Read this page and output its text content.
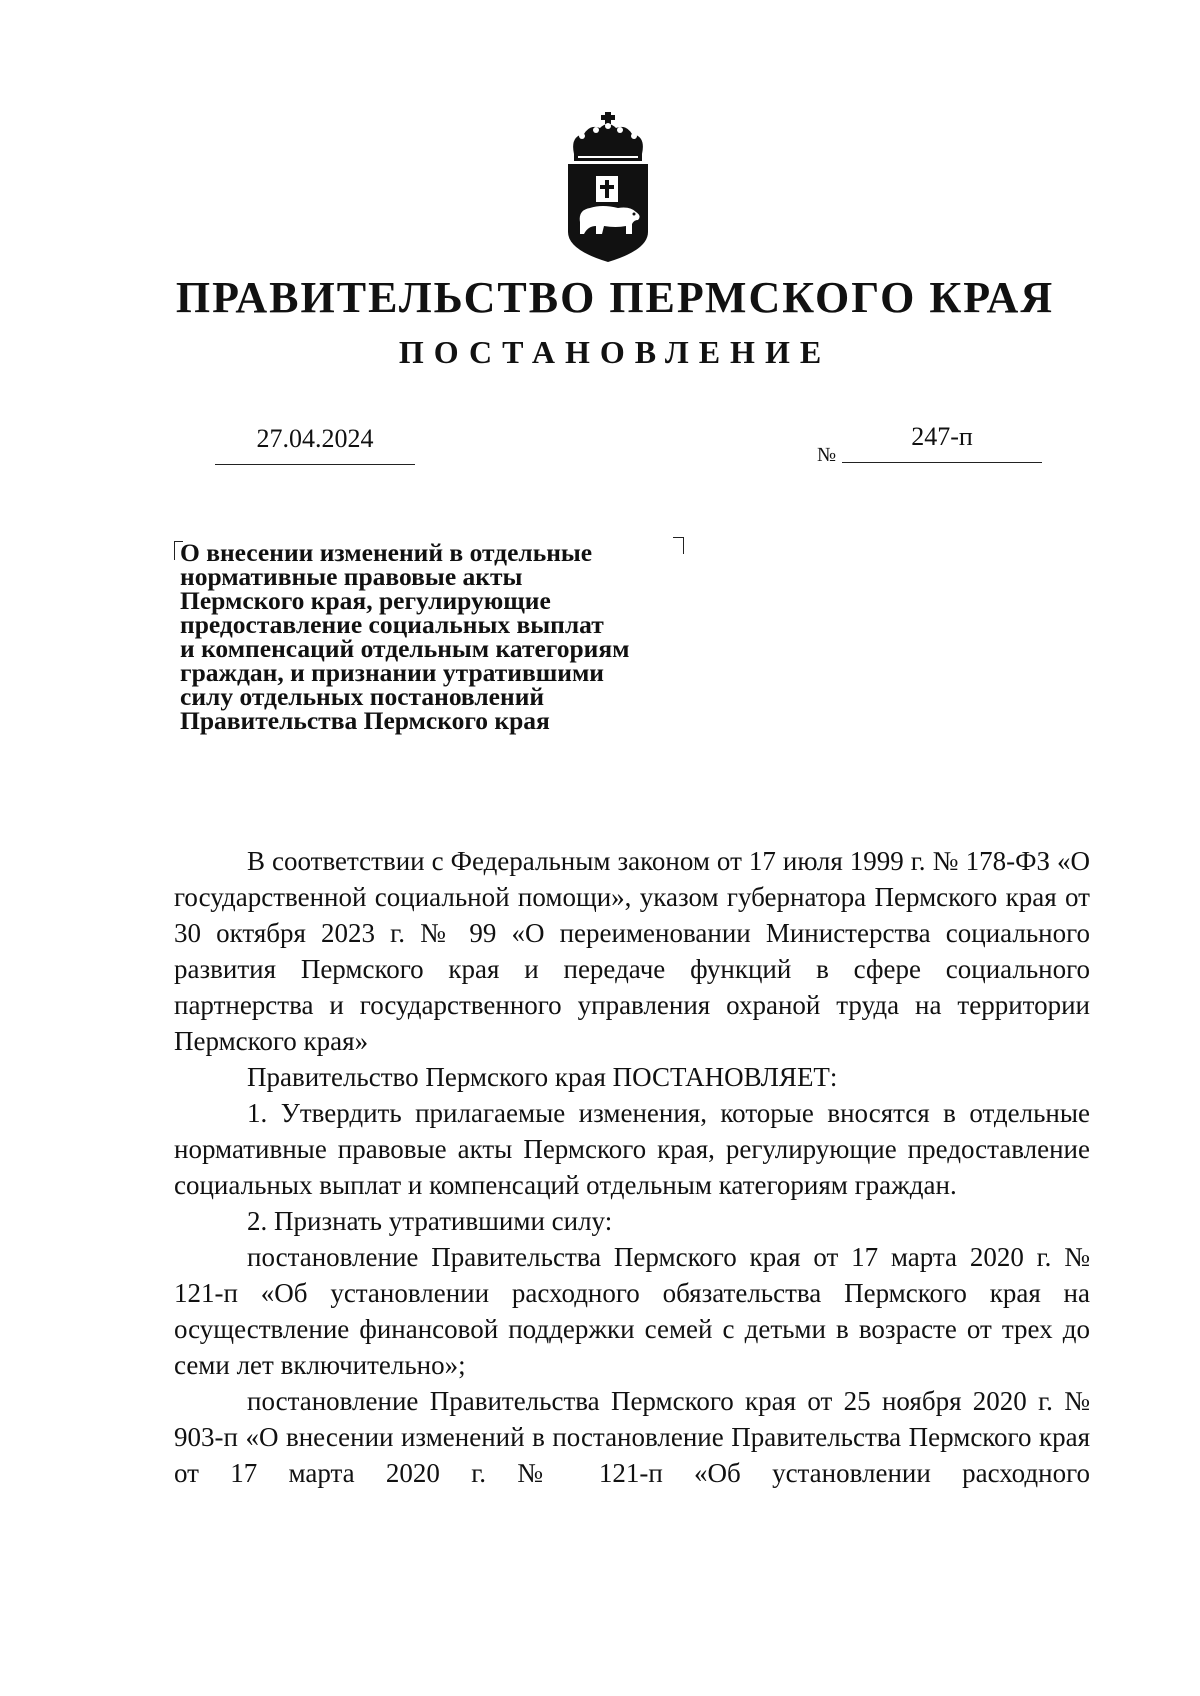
ПРАВИТЕЛЬСТВО ПЕРМСКОГО КРАЯ
ПОСТАНОВЛЕНИЕ
27.04.2024
№
247-п
О внесении изменений в отдельные
нормативные правовые акты
Пермского края, регулирующие
предоставление социальных выплат
и компенсаций отдельным категориям
граждан, и признании утратившими
силу отдельных постановлений
Правительства Пермского края

В соответствии с Федеральным законом от 17 июля 1999 г. № 178-ФЗ «О государственной социальной помощи», указом губернатора Пермского края от 30 октября 2023 г. № 99 «О переименовании Министерства социального развития Пермского края и передаче функций в сфере социального партнерства и государственного управления охраной труда на территории Пермского края»

Правительство Пермского края ПОСТАНОВЛЯЕТ:

1. Утвердить прилагаемые изменения, которые вносятся в отдельные нормативные правовые акты Пермского края, регулирующие предоставление социальных выплат и компенсаций отдельным категориям граждан.

2. Признать утратившими силу:

постановление Правительства Пермского края от 17 марта 2020 г. № 121-п «Об установлении расходного обязательства Пермского края на осуществление финансовой поддержки семей с детьми в возрасте от трех до семи лет включительно»;

постановление Правительства Пермского края от 25 ноября 2020 г. № 903-п «О внесении изменений в постановление Правительства Пермского края от 17 марта 2020 г. № 121-п «Об установлении расходного
